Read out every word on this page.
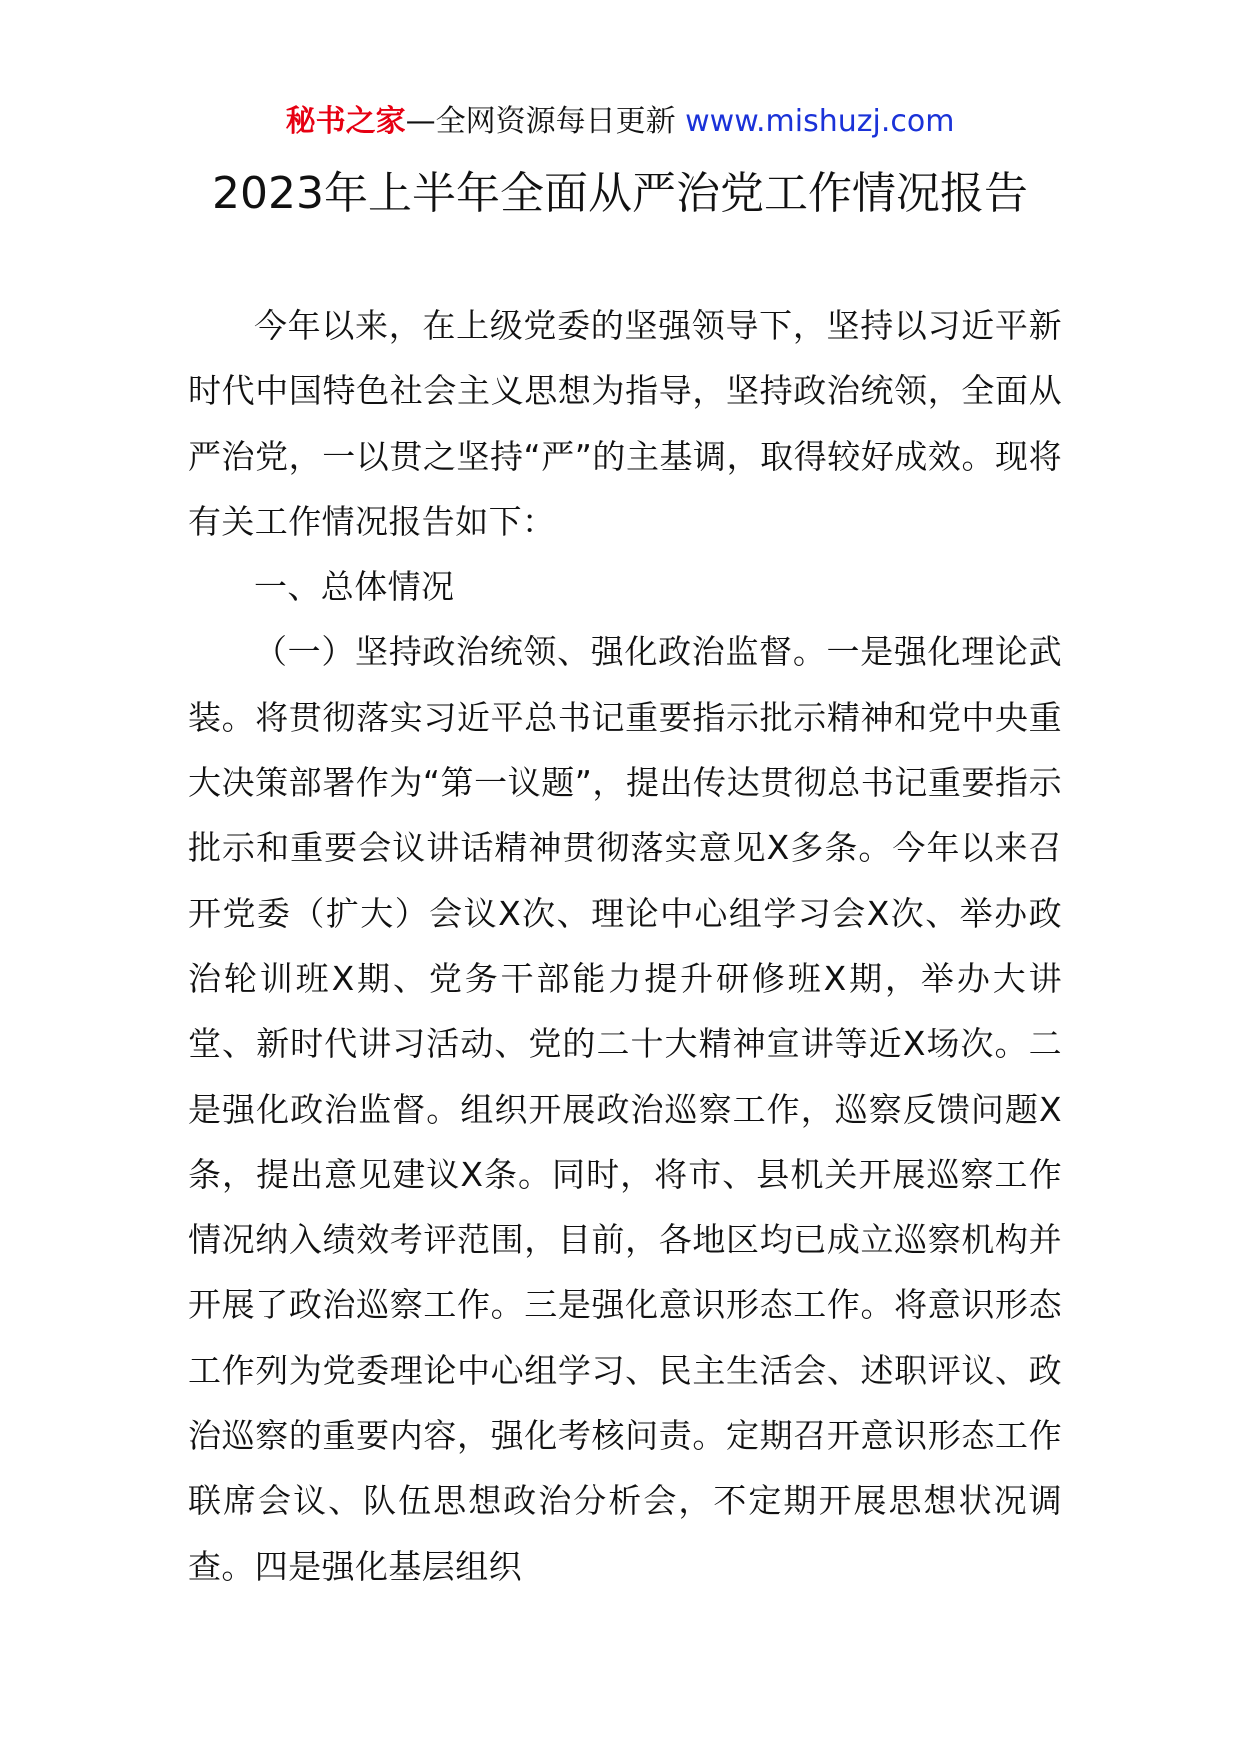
秘书之家—全网资源每日更新 www.mishuzj.com
2023年上半年全面从严治党工作情况报告

今年以来，在上级党委的坚强领导下，坚持以习近平新时代中国特色社会主义思想为指导，坚持政治统领，全面从严治党，一以贯之坚持“严”的主基调，取得较好成效。现将有关工作情况报告如下：

一、总体情况

（一）坚持政治统领、强化政治监督。一是强化理论武装。将贯彻落实习近平总书记重要指示批示精神和党中央重大决策部署作为“第一议题”，提出传达贯彻总书记重要指示批示和重要会议讲话精神贯彻落实意见X多条。今年以来召开党委（扩大）会议X次、理论中心组学习会X次、举办政治轮训班X期、党务干部能力提升研修班X期，举办大讲堂、新时代讲习活动、党的二十大精神宣讲等近X场次。二是强化政治监督。组织开展政治巡察工作，巡察反馈问题X条，提出意见建议X条。同时，将市、县机关开展巡察工作情况纳入绩效考评范围，目前，各地区均已成立巡察机构并开展了政治巡察工作。三是强化意识形态工作。将意识形态工作列为党委理论中心组学习、民主生活会、述职评议、政治巡察的重要内容，强化考核问责。定期召开意识形态工作联席会议、队伍思想政治分析会，不定期开展思想状况调查。四是强化基层组织
